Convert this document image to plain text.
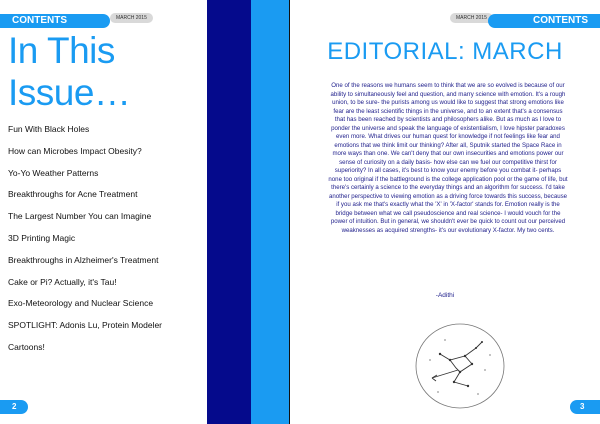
CONTENTS	MARCH 2015
In This Issue…
Fun With Black Holes
How can Microbes Impact Obesity?
Yo-Yo Weather Patterns
Breakthroughs for Acne Treatment
The Largest Number You can Imagine
3D Printing Magic
Breakthroughs in Alzheimer's Treatment
Cake or Pi? Actually, it's Tau!
Exo-Meteorology and Nuclear Science
SPOTLIGHT: Adonis Lu, Protein Modeler
Cartoons!
2
MARCH 2015	CONTENTS
EDITORIAL: MARCH

One of the reasons we humans seem to think that we are so evolved is because of our ability to simultaneously feel and question, and marry science with emotion. It's a rough union, to be sure- the purists among us would like to suggest that strong emotions like fear are the least scientific things in the universe, and to an extent that's a consensus that has been reached by scientists and philosophers alike. But as much as I love to ponder the universe and speak the language of existentialism, I love hipster paradoxes even more. What drives our human quest for knowledge if not feelings like fear and emotions that we think limit our thinking? After all, Sputnik started the Space Race in more ways than one. We can't deny that our own insecurities and emotions power our sense of curiosity on a daily basis- how else can we fuel our competitive thirst for superiority? In all cases, it's best to know your enemy before you combat it- perhaps none too original if the battleground is the college application pool or the game of life, but there's certainly a science to the everyday things and an algorithm for success. I'd take another perspective to viewing emotion as a driving force towards this success, because if you ask me that's exactly what the 'X' in 'X-factor' stands for. Emotion really is the bridge between what we call pseudoscience and real science- I would vouch for the power of intuition. But in general, we shouldn't ever be quick to count out our perceived weaknesses as acquired strengths- it's our evolutionary X-factor. My two cents.

-Adithi
3
